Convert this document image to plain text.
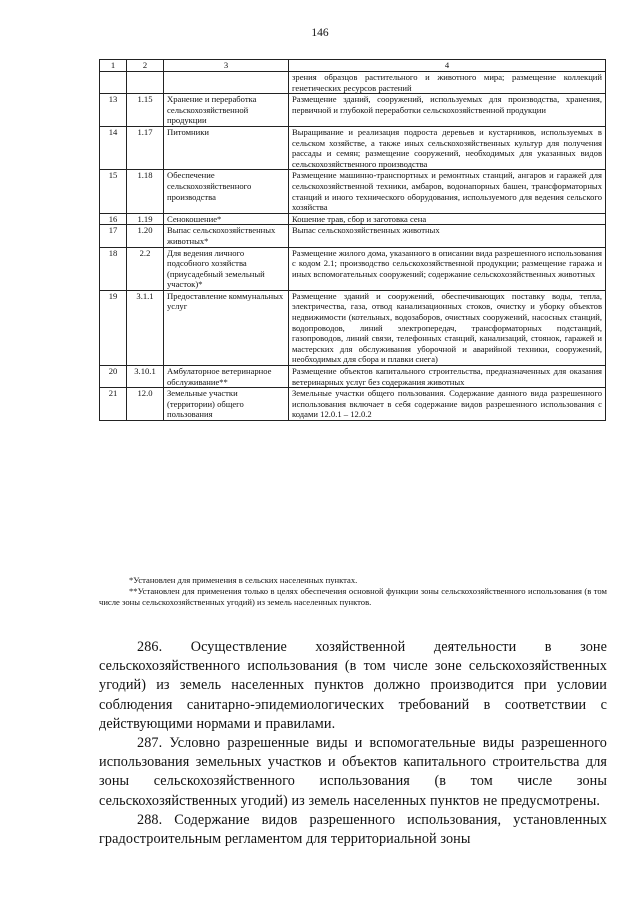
146
1	2	3	4
			зрения образцов растительного и животного мира; размещение коллекций генетических ресурсов растений
13	1.15	Хранение и переработка сельскохозяйственной продукции	Размещение зданий, сооружений, используемых для производства, хранения, первичной и глубокой переработки сельскохозяйственной продукции
14	1.17	Питомники	Выращивание и реализация подроста деревьев и кустарников, используемых в сельском хозяйстве, а также иных сельскохозяйственных культур для получения рассады и семян; размещение сооружений, необходимых для указанных видов сельскохозяйственного производства
15	1.18	Обеспечение сельскохозяйственного производства	Размещение машинно-транспортных и ремонтных станций, ангаров и гаражей для сельскохозяйственной техники, амбаров, водонапорных башен, трансформаторных станций и иного технического оборудования, используемого для ведения сельского хозяйства
16	1.19	Сенокошение*	Кошение трав, сбор и заготовка сена
17	1.20	Выпас сельскохозяйственных животных*	Выпас сельскохозяйственных животных
18	2.2	Для ведения личного подсобного хозяйства (приусадебный земельный участок)*	Размещение жилого дома, указанного в описании вида разрешенного использования с кодом 2.1; производство сельскохозяйственной продукции; размещение гаража и иных вспомогательных сооружений; содержание сельскохозяйственных животных
19	3.1.1	Предоставление коммунальных услуг	Размещение зданий и сооружений, обеспечивающих поставку воды, тепла, электричества, газа, отвод канализационных стоков, очистку и уборку объектов недвижимости (котельных, водозаборов, очистных сооружений, насосных станций, водопроводов, линий электропередач, трансформаторных подстанций, газопроводов, линий связи, телефонных станций, канализаций, стоянок, гаражей и мастерских для обслуживания уборочной и аварийной техники, сооружений, необходимых для сбора и плавки снега)
20	3.10.1	Амбулаторное ветеринарное обслуживание**	Размещение объектов капитального строительства, предназначенных для оказания ветеринарных услуг без содержания животных
21	12.0	Земельные участки (территории) общего пользования	Земельные участки общего пользования. Содержание данного вида разрешенного использования включает в себя содержание видов разрешенного использования с кодами 12.0.1 – 12.0.2

*Установлен для применения в сельских населенных пунктах.

**Установлен для применения только в целях обеспечения основной функции зоны сельскохозяйственного использования (в том числе зоны сельскохозяйственных угодий) из земель населенных пунктов.

286. Осуществление хозяйственной деятельности в зоне сельскохозяйственного использования (в том числе зоне сельскохозяйственных угодий) из земель населенных пунктов должно производится при условии соблюдения санитарно-эпидемиологических требований в соответствии с действующими нормами и правилами.

287. Условно разрешенные виды и вспомогательные виды разрешенного использования земельных участков и объектов капитального строительства для зоны сельскохозяйственного использования (в том числе зоны сельскохозяйственных угодий) из земель населенных пунктов не предусмотрены.

288. Содержание видов разрешенного использования, установленных градостроительным регламентом для территориальной зоны
